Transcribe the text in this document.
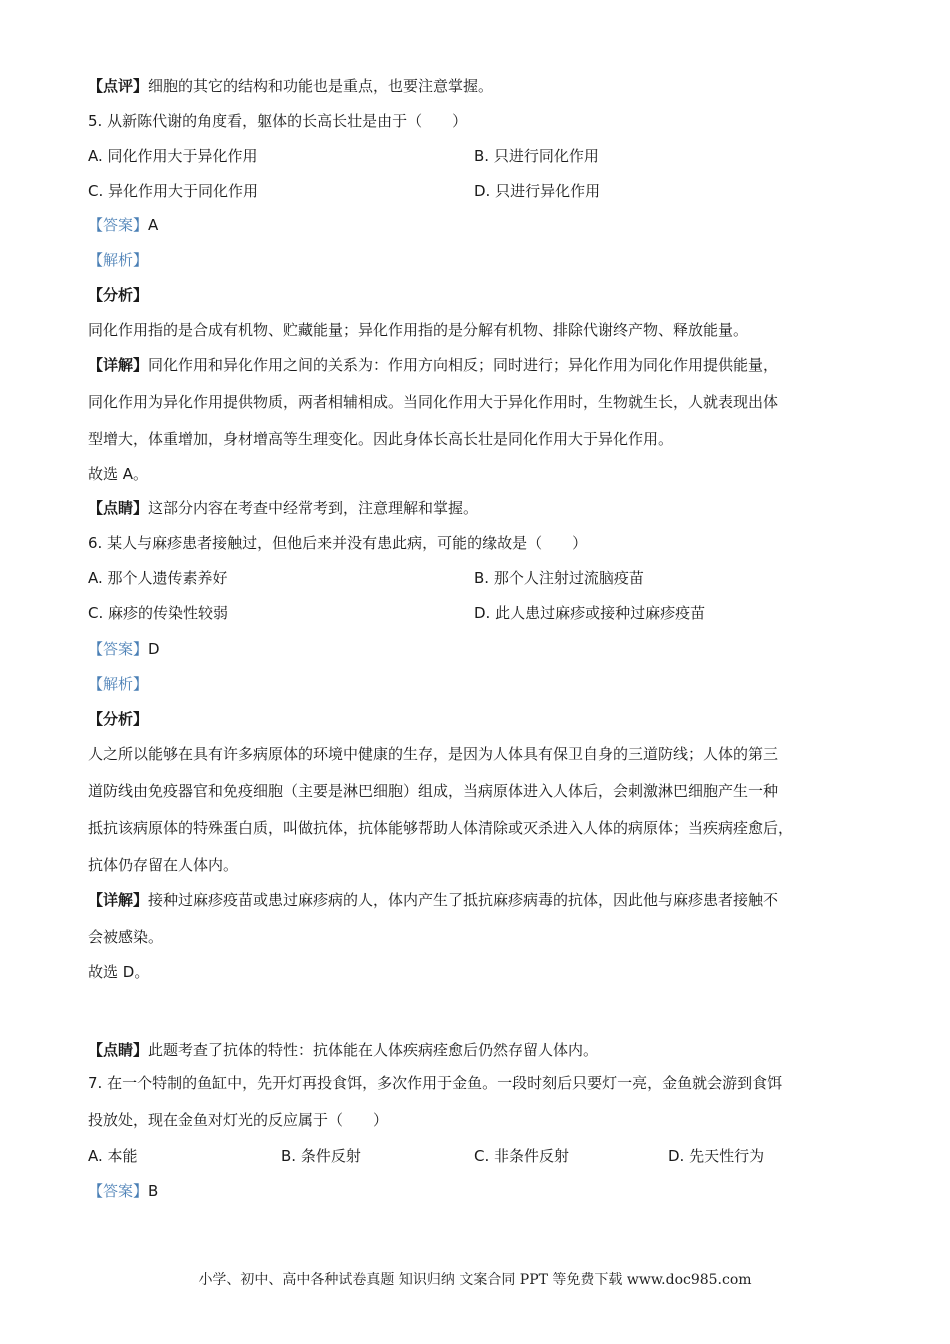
【点评】细胞的其它的结构和功能也是重点，也要注意掌握。
5. 从新陈代谢的角度看，躯体的长高长壮是由于（　　）
A. 同化作用大于异化作用	B. 只进行同化作用
C. 异化作用大于同化作用	D. 只进行异化作用
【答案】A
【解析】
【分析】
同化作用指的是合成有机物、贮藏能量；异化作用指的是分解有机物、排除代谢终产物、释放能量。
【详解】同化作用和异化作用之间的关系为：作用方向相反；同时进行；异化作用为同化作用提供能量，
同化作用为异化作用提供物质，两者相辅相成。当同化作用大于异化作用时，生物就生长，人就表现出体
型增大，体重增加，身材增高等生理变化。因此身体长高长壮是同化作用大于异化作用。
故选 A。
【点睛】这部分内容在考查中经常考到，注意理解和掌握。
6. 某人与麻疹患者接触过，但他后来并没有患此病，可能的缘故是（　　）
A. 那个人遗传素养好	B. 那个人注射过流脑疫苗
C. 麻疹的传染性较弱	D. 此人患过麻疹或接种过麻疹疫苗
【答案】D
【解析】
【分析】
人之所以能够在具有许多病原体的环境中健康的生存，是因为人体具有保卫自身的三道防线；人体的第三
道防线由免疫器官和免疫细胞（主要是淋巴细胞）组成，当病原体进入人体后，会刺激淋巴细胞产生一种
抵抗该病原体的特殊蛋白质，叫做抗体，抗体能够帮助人体清除或灭杀进入人体的病原体；当疾病痊愈后，
抗体仍存留在人体内。
【详解】接种过麻疹疫苗或患过麻疹病的人，体内产生了抵抗麻疹病毒的抗体，因此他与麻疹患者接触不
会被感染。
故选 D。
【点睛】此题考查了抗体的特性：抗体能在人体疾病痊愈后仍然存留人体内。
7. 在一个特制的鱼缸中，先开灯再投食饵，多次作用于金鱼。一段时刻后只要灯一亮，金鱼就会游到食饵
投放处，现在金鱼对灯光的反应属于（　　）
A. 本能	B. 条件反射	C. 非条件反射	D. 先天性行为
【答案】B
小学、初中、高中各种试卷真题 知识归纳 文案合同 PPT 等免费下载 www.doc985.com
